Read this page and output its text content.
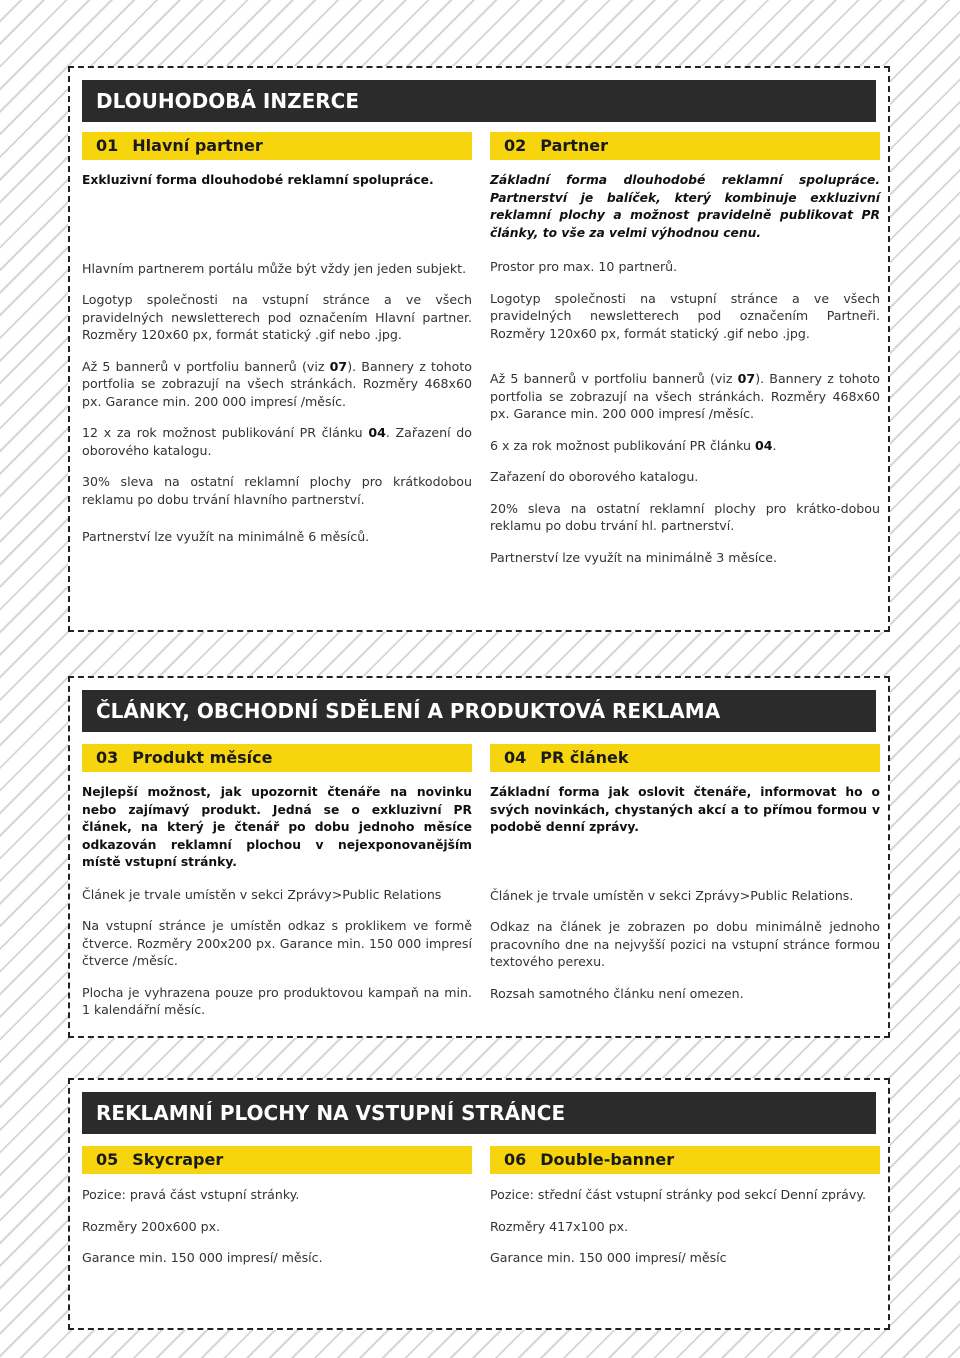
DLOUHODOBÁ INZERCE
01 Hlavní partner

Exkluzivní forma dlouhodobé reklamní spolupráce.

Hlavním partnerem portálu může být vždy jen jeden subjekt.

Logotyp společnosti na vstupní stránce a ve všech pravidelných newsletterech pod označením Hlavní partner. Rozměry 120x60 px, formát statický .gif nebo .jpg.

Až 5 bannerů v portfoliu bannerů (viz 07). Bannery z tohoto portfolia se zobrazují na všech stránkách. Rozměry 468x60 px. Garance min. 200 000 impresí /měsíc.

12 x za rok možnost publikování PR článku 04. Zařazení do oborového katalogu.

30% sleva na ostatní reklamní plochy pro krátkodobou reklamu po dobu trvání hlavního partnerství.

Partnerství lze využít na minimálně 6 měsíců.

02 Partner

Základní forma dlouhodobé reklamní spolupráce. Partnerství je balíček, který kombinuje exkluzivní reklamní plochy a možnost pravidelně publikovat PR články, to vše za velmi výhodnou cenu.

Prostor pro max. 10 partnerů.

Logotyp společnosti na vstupní stránce a ve všech pravidelných newsletterech pod označením Partneři. Rozměry 120x60 px, formát statický .gif nebo .jpg.

Až 5 bannerů v portfoliu bannerů (viz 07). Bannery z tohoto portfolia se zobrazují na všech stránkách. Rozměry 468x60 px. Garance min. 200 000 impresí /měsíc.

6 x za rok možnost publikování PR článku 04.

Zařazení do oborového katalogu.

20% sleva na ostatní reklamní plochy pro krátko-dobou reklamu po dobu trvání hl. partnerství.

Partnerství lze využít na minimálně 3 měsíce.

ČLÁNKY, OBCHODNÍ SDĚLENÍ A PRODUKTOVÁ REKLAMA
03 Produkt měsíce

Nejlepší možnost, jak upozornit čtenáře na novinku nebo zajímavý produkt. Jedná se o exkluzivní PR článek, na který je čtenář po dobu jednoho měsíce odkazován reklamní plochou v nejexponovanějším místě vstupní stránky.

Článek je trvale umístěn v sekci Zprávy>Public Relations

Na vstupní stránce je umístěn odkaz s proklikem ve formě čtverce. Rozměry 200x200 px. Garance min. 150 000 impresí čtverce /měsíc.

Plocha je vyhrazena pouze pro produktovou kampaň na min. 1 kalendářní měsíc.

04 PR článek

Základní forma jak oslovit čtenáře, informovat ho o svých novinkách, chystaných akcí a to přímou formou v podobě denní zprávy.

Článek je trvale umístěn v sekci Zprávy>Public Relations.

Odkaz na článek je zobrazen po dobu minimálně jednoho pracovního dne na nejvyšší pozici na vstupní stránce formou textového perexu.

Rozsah samotného článku není omezen.

REKLAMNÍ PLOCHY NA VSTUPNÍ STRÁNCE
05 Skycraper

Pozice: pravá část vstupní stránky.

Rozměry 200x600 px.

Garance min. 150 000 impresí/ měsíc.

06 Double-banner

Pozice: střední část vstupní stránky pod sekcí Denní zprávy.

Rozměry 417x100 px.

Garance min. 150 000 impresí/ měsíc
